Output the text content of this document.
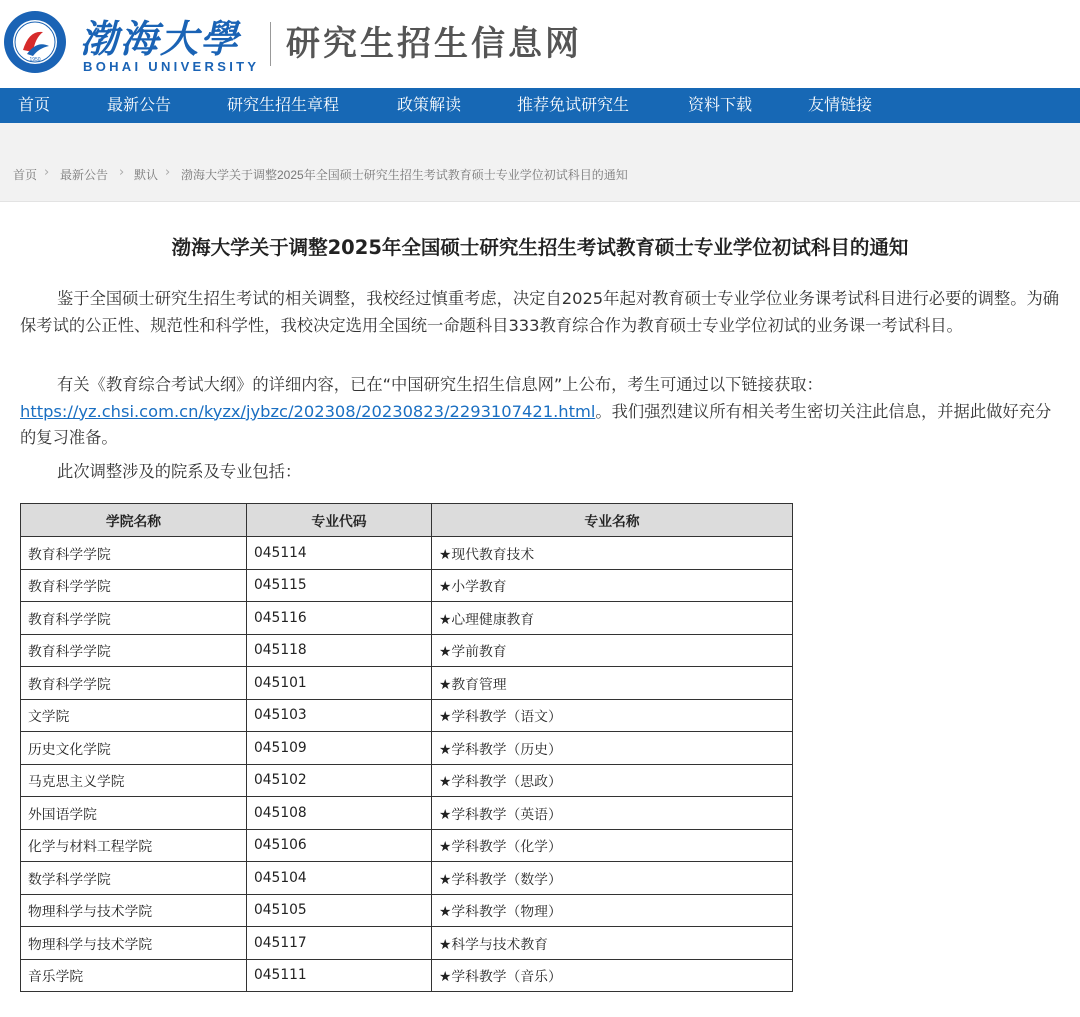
1950 渤海大學
BOHAI UNIVERSITY
研究生招生信息网
首页	最新公告	研究生招生章程	政策解读	推荐免试研究生	资料下载	友情链接
首页 › 最新公告 › 默认 › 渤海大学关于调整2025年全国硕士研究生招生考试教育硕士专业学位初试科目的通知
渤海大学关于调整2025年全国硕士研究生招生考试教育硕士专业学位初试科目的通知
鉴于全国硕士研究生招生考试的相关调整，我校经过慎重考虑，决定自2025年起对教育硕士专业学位业务课考试科目进行必要的调整。为确保考试的公正性、规范性和科学性，我校决定选用全国统一命题科目333教育综合作为教育硕士专业学位初试的业务课一考试科目。
有关《教育综合考试大纲》的详细内容，已在“中国研究生招生信息网”上公布，考生可通过以下链接获取：https://yz.chsi.com.cn/kyzx/jybzc/202308/20230823/2293107421.html。我们强烈建议所有相关考生密切关注此信息，并据此做好充分的复习准备。
此次调整涉及的院系及专业包括：
学院名称	专业代码	专业名称
教育科学学院	045114	★现代教育技术
教育科学学院	045115	★小学教育
教育科学学院	045116	★心理健康教育
教育科学学院	045118	★学前教育
教育科学学院	045101	★教育管理
文学院	045103	★学科教学（语文）
历史文化学院	045109	★学科教学（历史）
马克思主义学院	045102	★学科教学（思政）
外国语学院	045108	★学科教学（英语）
化学与材料工程学院	045106	★学科教学（化学）
数学科学学院	045104	★学科教学（数学）
物理科学与技术学院	045105	★学科教学（物理）
物理科学与技术学院	045117	★科学与技术教育
音乐学院	045111	★学科教学（音乐）
